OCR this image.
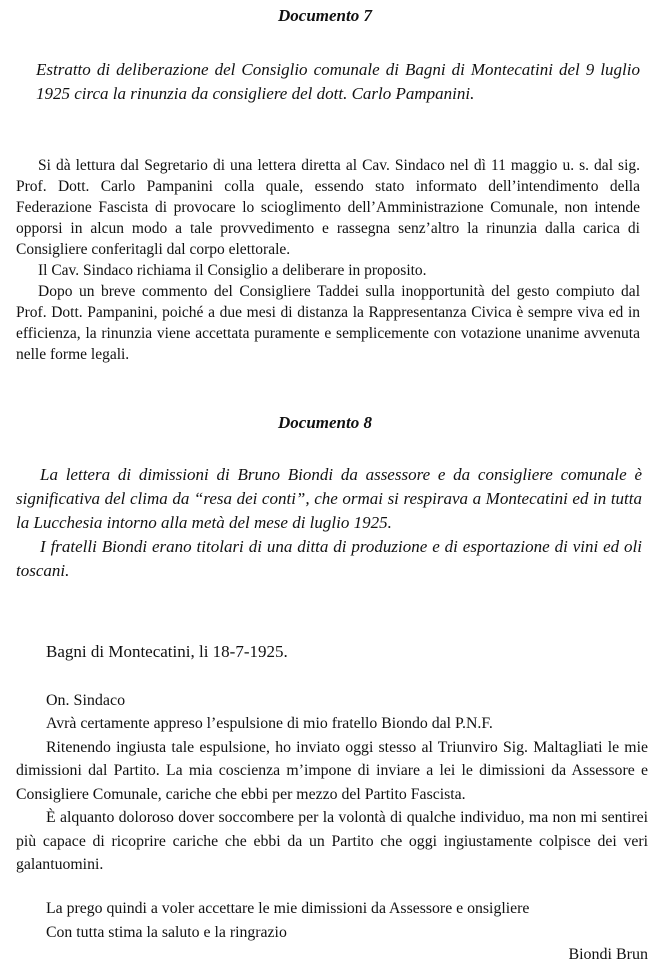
Documento 7

Estratto di deliberazione del Consiglio comunale di Bagni di Montecatini del 9 luglio 1925 circa la rinunzia da consigliere del dott. Carlo Pampanini.

Si dà lettura dal Segretario di una lettera diretta al Cav. Sindaco nel dì 11 maggio u. s. dal sig. Prof. Dott. Carlo Pampanini colla quale, essendo stato informato dell’intendimento della Federazione Fascista di provocare lo scioglimento dell’Amministrazione Comunale, non intende opporsi in alcun modo a tale provvedimento e rassegna senz’altro la rinunzia dalla carica di Consigliere conferitagli dal corpo elettorale.

Il Cav. Sindaco richiama il Consiglio a deliberare in proposito.

Dopo un breve commento del Consigliere Taddei sulla inopportunità del gesto compiuto dal Prof. Dott. Pampanini, poiché a due mesi di distanza la Rappresentanza Civica è sempre viva ed in efficienza, la rinunzia viene accettata puramente e semplicemente con votazione unanime avvenuta nelle forme legali.

Documento 8

La lettera di dimissioni di Bruno Biondi da assessore e da consigliere comunale è significativa del clima da “resa dei conti”, che ormai si respirava a Montecatini ed in tutta la Lucchesia intorno alla metà del mese di luglio 1925.

I fratelli Biondi erano titolari di una ditta di produzione e di esportazione di vini ed oli toscani.

Bagni di Montecatini, li 18-7-1925.

On. Sindaco

Avrà certamente appreso l’espulsione di mio fratello Biondo dal P.N.F.

Ritenendo ingiusta tale espulsione, ho inviato oggi stesso al Triunviro Sig. Maltagliati le mie dimissioni dal Partito. La mia coscienza m’impone di inviare a lei le dimissioni da Assessore e Consigliere Comunale, cariche che ebbi per mezzo del Partito Fascista.

È alquanto doloroso dover soccombere per la volontà di qualche individuo, ma non mi sentirei più capace di ricoprire cariche che ebbi da un Partito che oggi ingiustamente colpisce dei veri galantuomini.

La prego quindi a voler accettare le mie dimissioni da Assessore e onsigliere

Con tutta stima la saluto e la ringrazio

Biondi Brun
